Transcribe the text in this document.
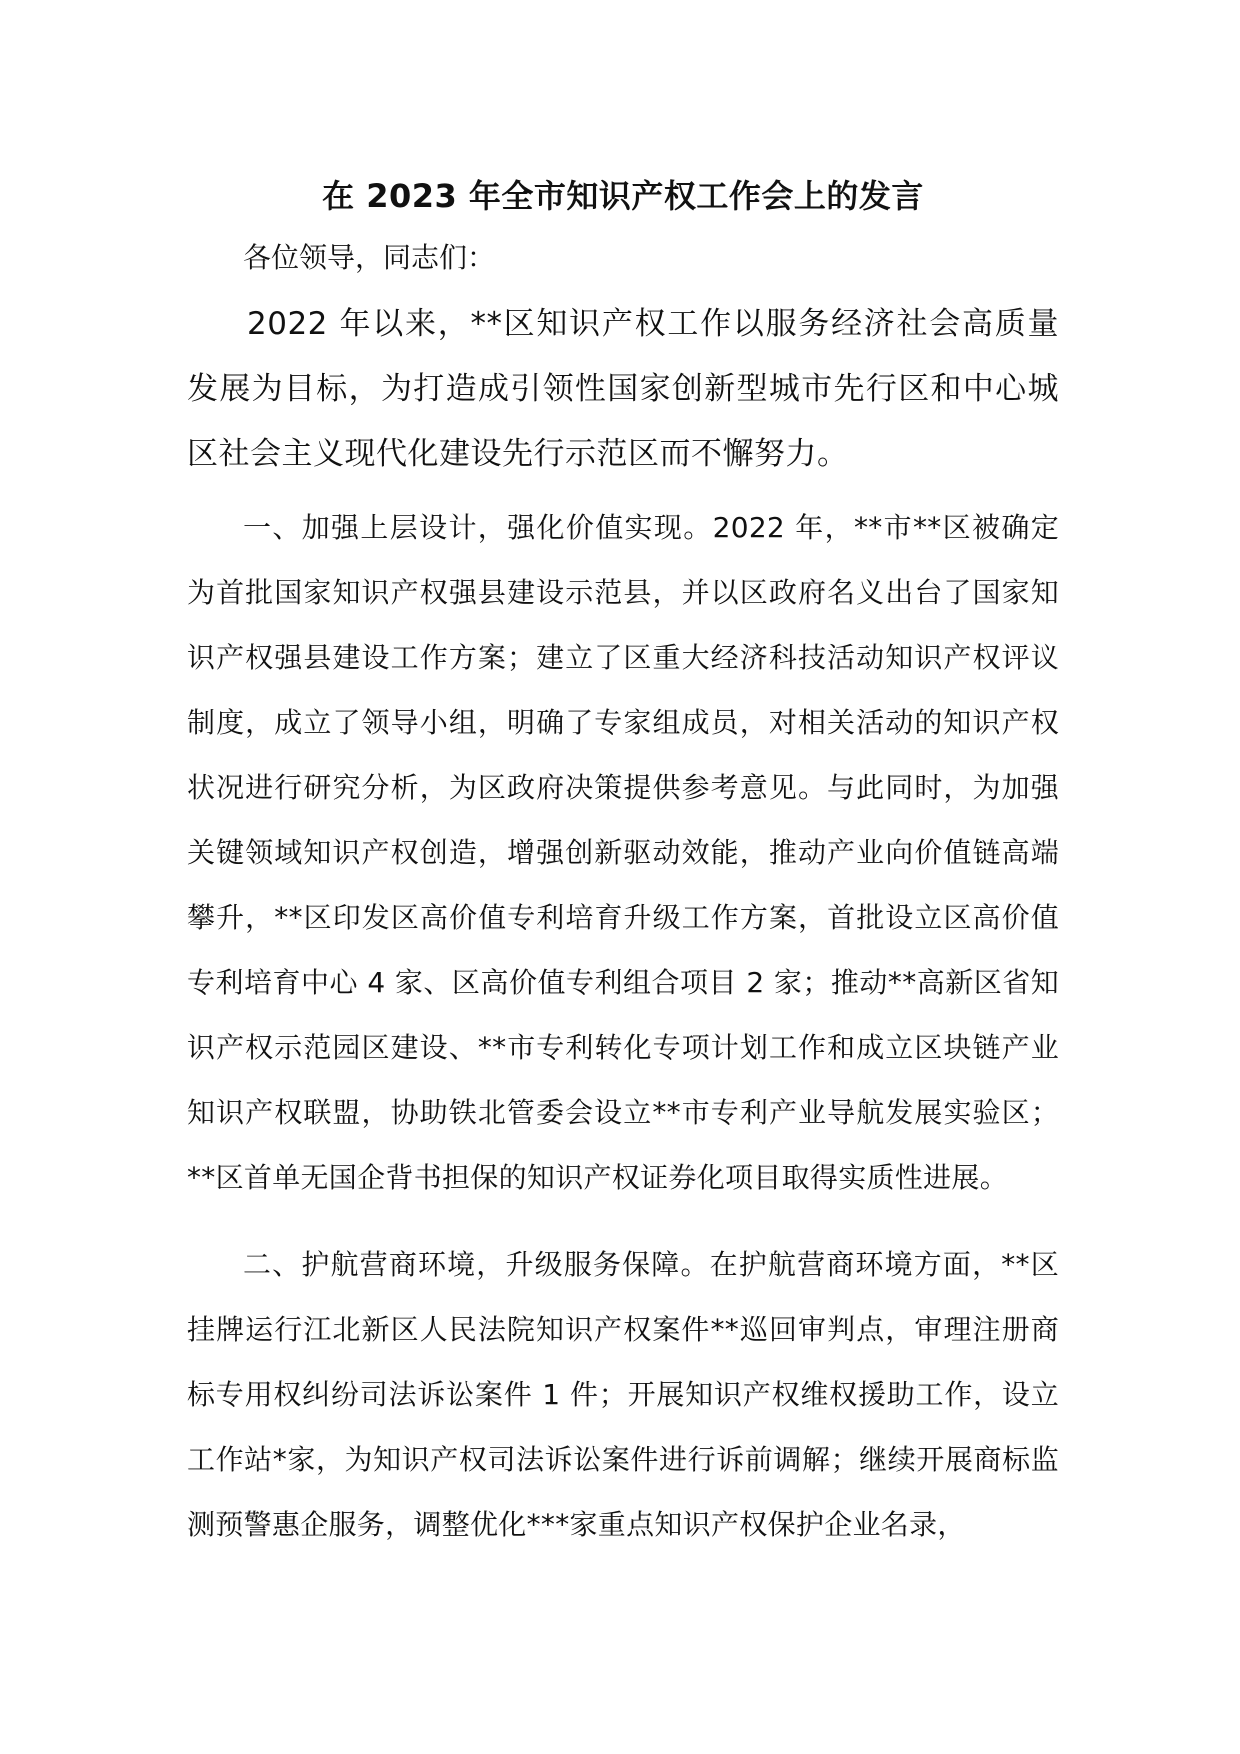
在 2023 年全市知识产权工作会上的发言

各位领导，同志们：

2022 年以来，**区知识产权工作以服务经济社会高质量发展为目标，为打造成引领性国家创新型城市先行区和中心城区社会主义现代化建设先行示范区而不懈努力。

一、加强上层设计，强化价值实现。2022 年，**市**区被确定为首批国家知识产权强县建设示范县，并以区政府名义出台了国家知识产权强县建设工作方案；建立了区重大经济科技活动知识产权评议制度，成立了领导小组，明确了专家组成员，对相关活动的知识产权状况进行研究分析，为区政府决策提供参考意见。与此同时，为加强关键领域知识产权创造，增强创新驱动效能，推动产业向价值链高端攀升，**区印发区高价值专利培育升级工作方案，首批设立区高价值专利培育中心 4 家、区高价值专利组合项目 2 家；推动**高新区省知识产权示范园区建设、**市专利转化专项计划工作和成立区块链产业知识产权联盟，协助铁北管委会设立**市专利产业导航发展实验区；**区首单无国企背书担保的知识产权证券化项目取得实质性进展。

二、护航营商环境，升级服务保障。在护航营商环境方面，**区挂牌运行江北新区人民法院知识产权案件**巡回审判点，审理注册商标专用权纠纷司法诉讼案件 1 件；开展知识产权维权援助工作，设立工作站*家，为知识产权司法诉讼案件进行诉前调解；继续开展商标监测预警惠企服务，调整优化***家重点知识产权保护企业名录，
